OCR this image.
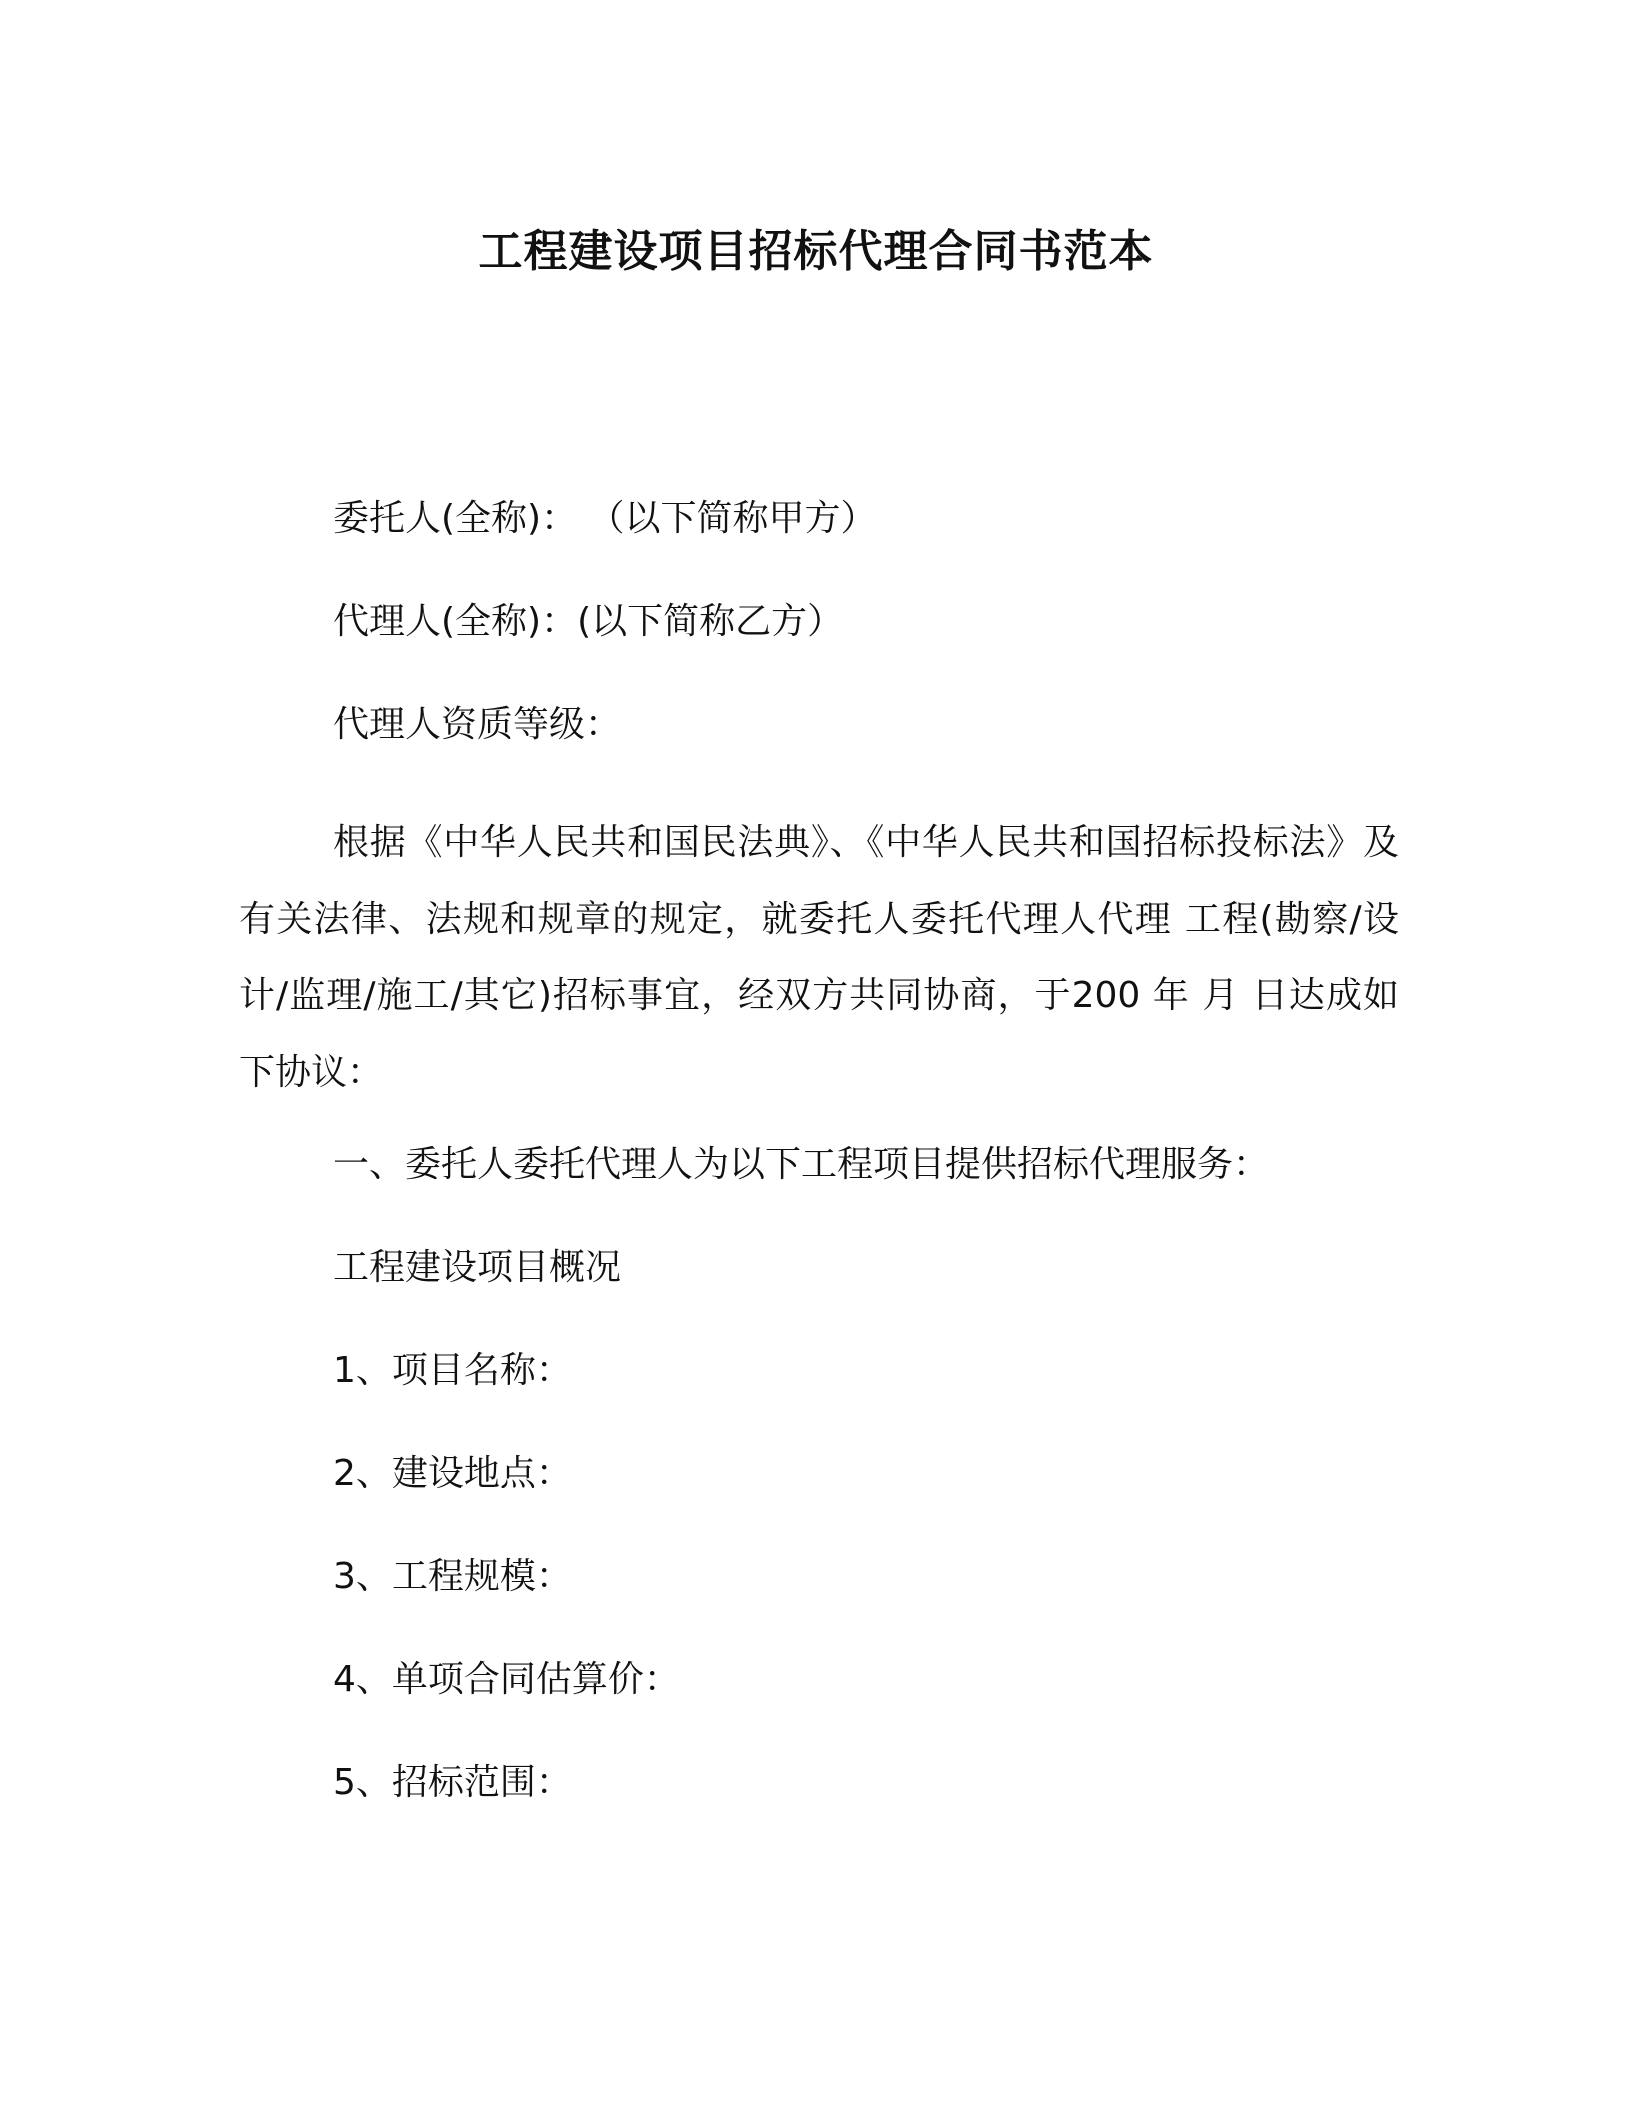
工程建设项目招标代理合同书范本
委托人(全称)： （以下简称甲方）
代理人(全称)：(以下简称乙方）
代理人资质等级：
根据《中华人民共和国民法典》、《中华人民共和国招标投标法》及有关法律、法规和规章的规定，就委托人委托代理人代理 工程(勘察/设计/监理/施工/其它)招标事宜，经双方共同协商，于200 年 月 日达成如下协议：
一、委托人委托代理人为以下工程项目提供招标代理服务：
工程建设项目概况
1、项目名称：
2、建设地点：
3、工程规模：
4、单项合同估算价：
5、招标范围：
